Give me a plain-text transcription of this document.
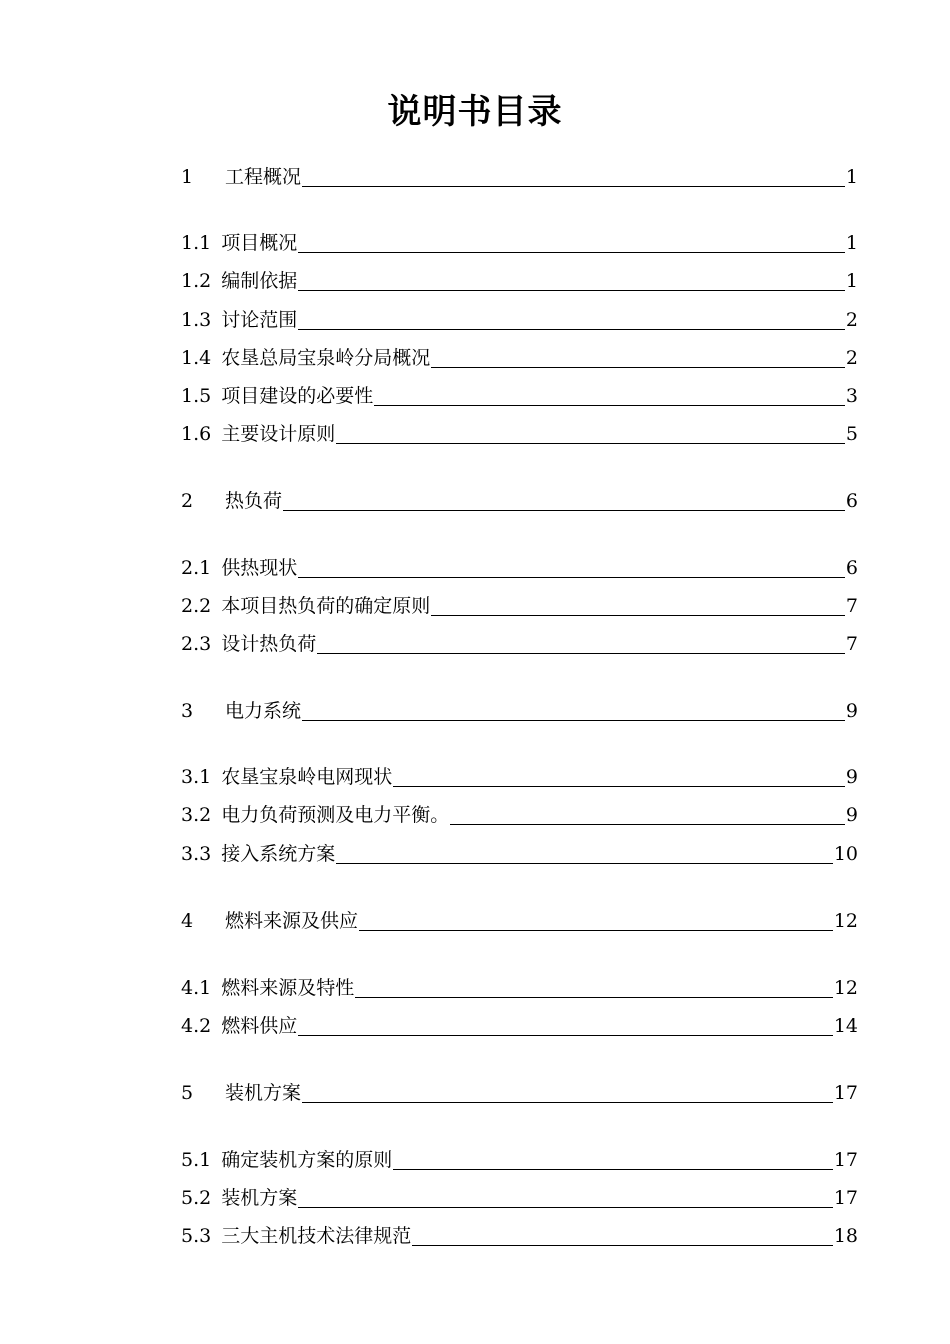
说明书目录
1 工程概况	1
1.1 项目概况	1
1.2 编制依据	1
1.3 讨论范围	2
1.4 农垦总局宝泉岭分局概况	2
1.5 项目建设的必要性	3
1.6 主要设计原则	5
2 热负荷	6
2.1 供热现状	6
2.2 本项目热负荷的确定原则	7
2.3 设计热负荷	7
3 电力系统	9
3.1 农垦宝泉岭电网现状	9
3.2 电力负荷预测及电力平衡。	9
3.3 接入系统方案	10
4 燃料来源及供应	12
4.1 燃料来源及特性	12
4.2 燃料供应	14
5 装机方案	17
5.1 确定装机方案的原则	17
5.2 装机方案	17
5.3 三大主机技术法律规范	18
